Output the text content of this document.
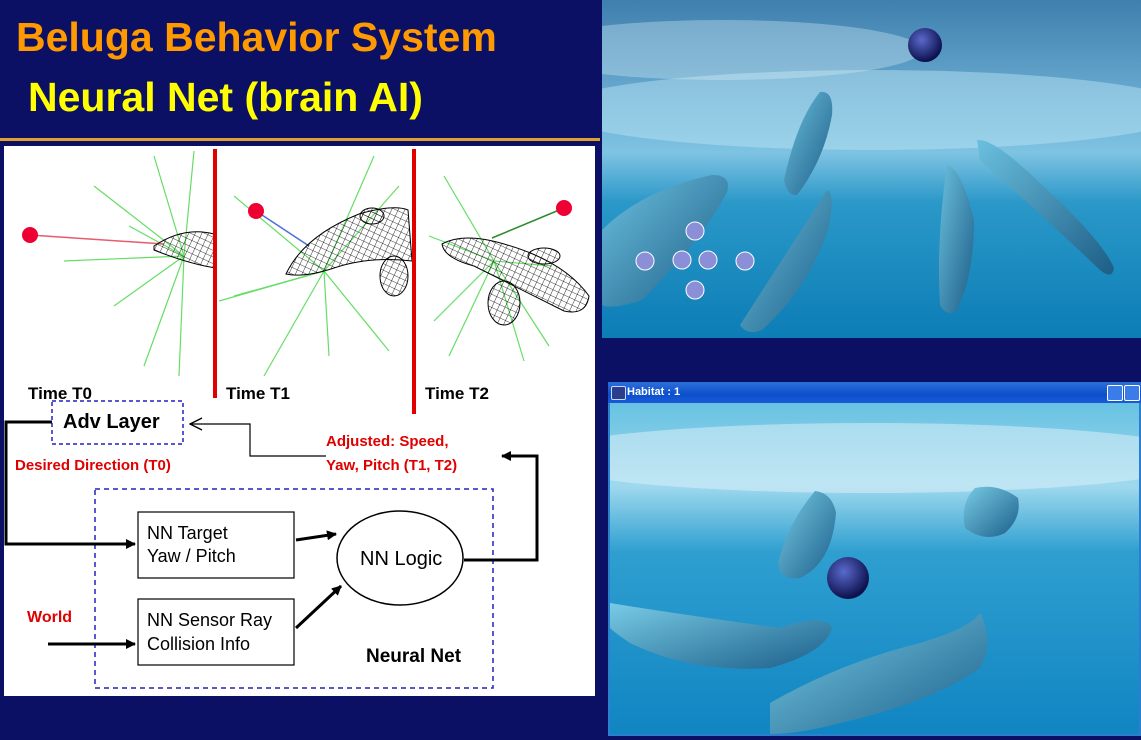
Beluga Behavior System
Neural Net (brain AI)
Time T0	Time T1	Time T2
Adv Layer
Desired Direction (T0)
Adjusted: Speed,
Yaw, Pitch (T1, T2)
NN Target
Yaw / Pitch
NN Sensor Ray
Collision Info
NN Logic
World
Neural Net
Habitat : 1
